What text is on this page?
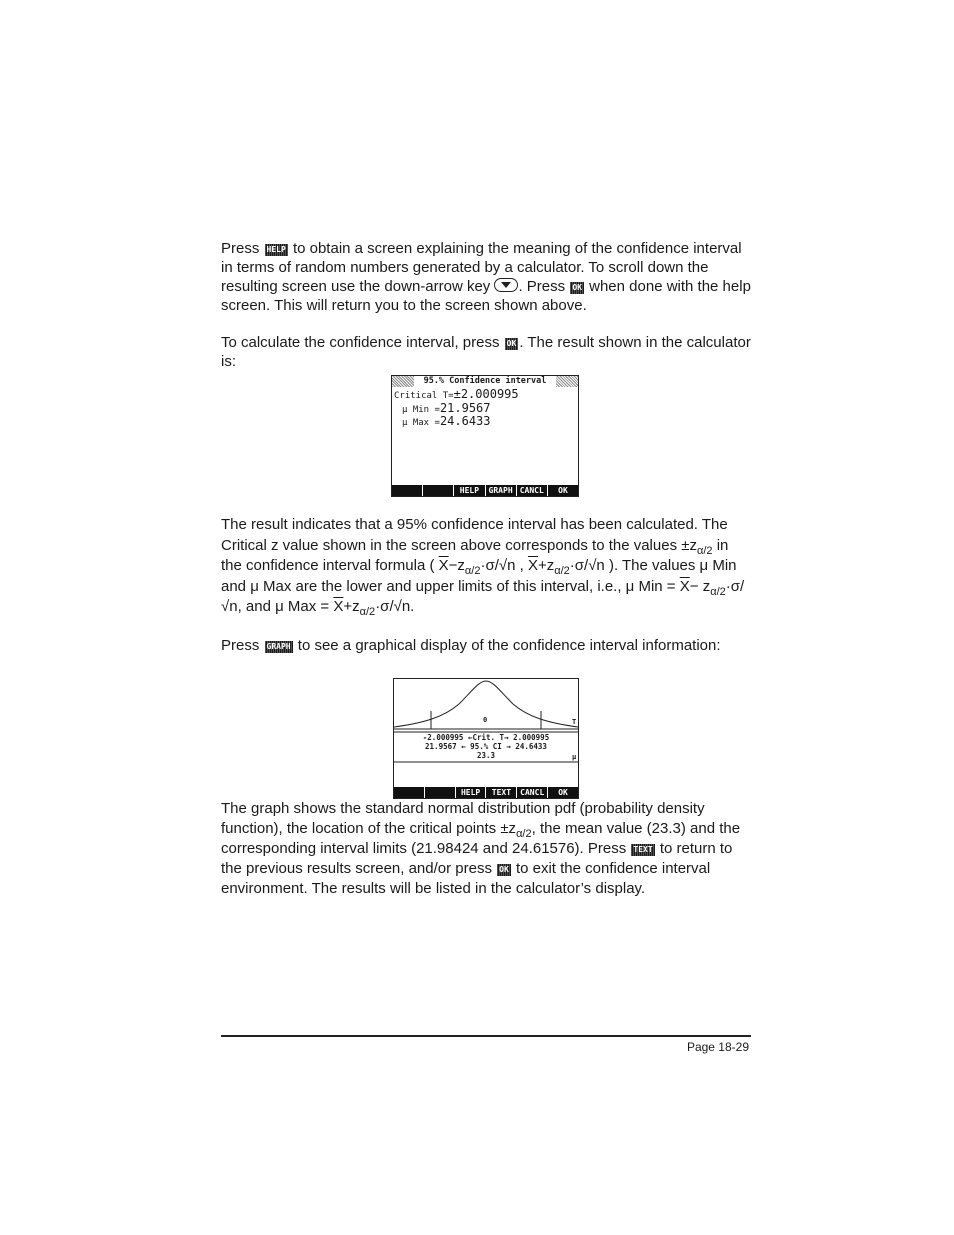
Press HELP to obtain a screen explaining the meaning of the confidence interval in terms of random numbers generated by a calculator. To scroll down the resulting screen use the down-arrow key . Press OK when done with the help screen. This will return you to the screen shown above.
To calculate the confidence interval, press OK . The result shown in the calculator is:
95.% Confidence interval
Critical T=±2.000995
μ Min =21.9567
μ Max =24.6433
HELP	GRAPH CANCL	OK
The result indicates that a 95% confidence interval has been calculated. The Critical z value shown in the screen above corresponds to the values $\pm z_{\alpha/2}$ in the confidence interval formula ( $\overline{X}-z_{\alpha/2}\cdot\sigma/√n$ , $\overline{X}+z_{\alpha/2}\cdot\sigma/√n$ ). The values μ Min and μ Max are the lower and upper limits of this interval, i.e., μ Min = $\overline{X}- z_{\alpha/2}\cdot\sigma/√n$, and μ Max = $\overline{X}+z_{\alpha/2}\cdot\sigma/√n$.
Press GRAPH to see a graphical display of the confidence interval information:
0	T
-2.000995 ←Crit. T→ 2.000995
21.9567 ← 95.% CI → 24.6433
23.3	μ
HELP	TEXT	CANCL	OK
The graph shows the standard normal distribution pdf (probability density function), the location of the critical points $\pm z_{\alpha/2}$, the mean value (23.3) and the corresponding interval limits (21.98424 and 24.61576). Press TEXT to return to the previous results screen, and/or press OK to exit the confidence interval environment. The results will be listed in the calculator’s display.
Page 18-29
